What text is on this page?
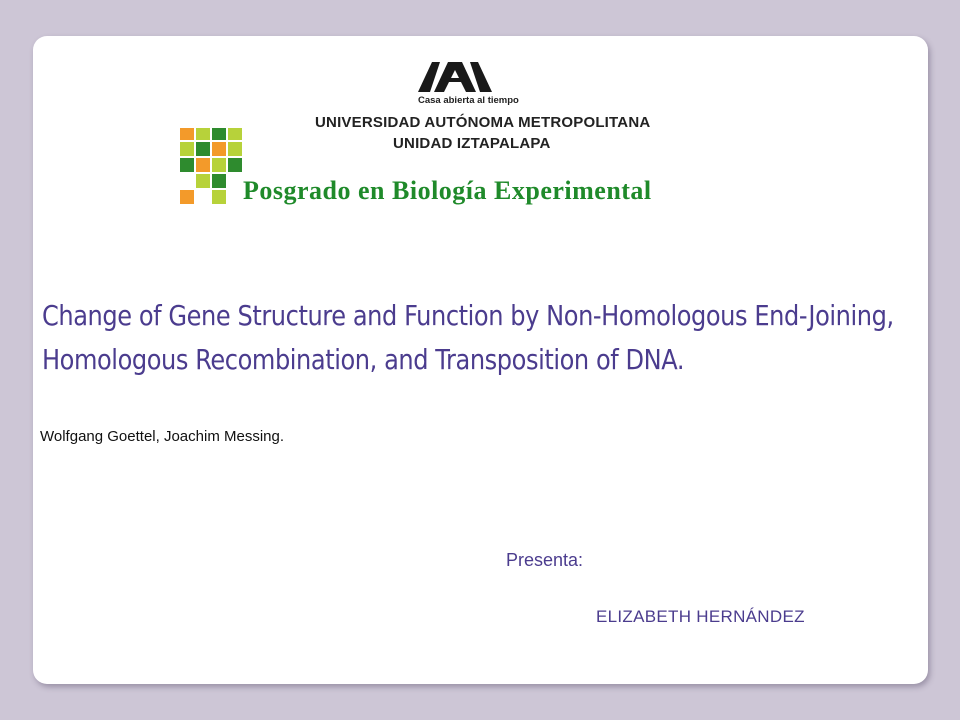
Casa abierta al tiempo
UNIVERSIDAD AUTÓNOMA METROPOLITANA
UNIDAD IZTAPALAPA
Posgrado en Biología Experimental
Change of Gene Structure and Function by Non-Homologous End-Joining, Homologous Recombination, and Transposition of DNA.
Wolfgang Goettel, Joachim Messing.
Presenta:
ELIZABETH HERNÁNDEZ
